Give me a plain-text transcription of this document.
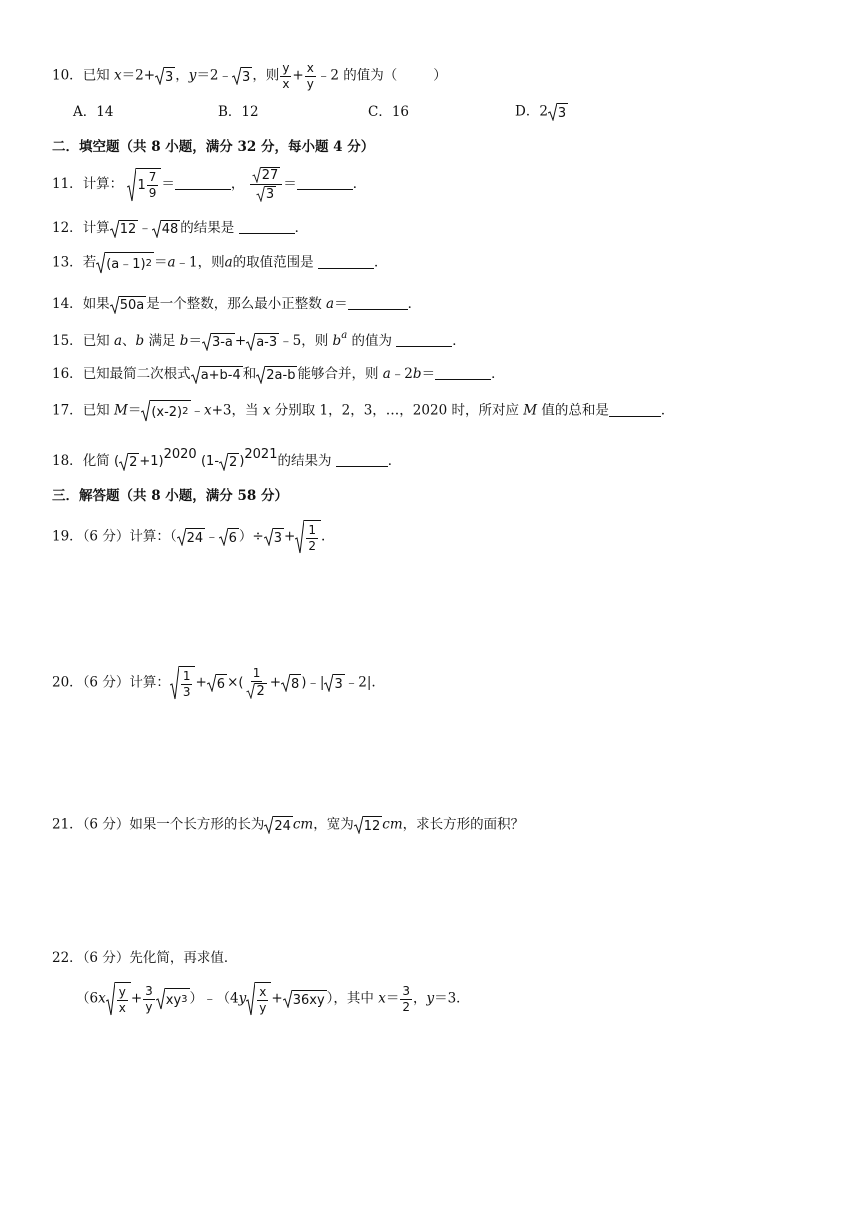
10．已知 x＝2+ 3 ，y＝2﹣ 3 ，则 $\frac{y}{x} + \frac{x}{y}$ ﹣2 的值为（	）
A．14	B．12	C．16	D．2 3
二．填空题（共 8 小题，满分 32 分，每小题 4 分）
11．计算： $1 \frac{7}{9}$ ＝	， $\frac{27}{3}$ ＝	．
12．计算 12 ﹣ 48 的结果是	．
13．若 (a﹣1) 2 ＝a﹣1，则a的取值范围是	．
14．如果 50a 是一个整数，那么最小正整数 a＝	．
15．已知 a、b 满足 b＝ 3-a + a-3 ﹣5，则 $b^a$ 的值为	．
16．已知最简二次根式 a+b-4 和 2a-b 能够合并，则 a﹣2b＝	．
17．已知 M＝ (x-2) 2 ﹣x+3，当 x 分别取 1，2，3，…，2020 时，所对应 M 值的总和是	．
18．化简 ( 2 +1)$^{2020}$ (1- 2 )$^{2021}$的结果为	．
三．解答题（共 8 小题，满分 58 分）
19．（6 分）计算：（ 24 ﹣ 6 ）÷ $3 + \frac{1}{2}$ .
20．（6 分）计算： $\frac{1}{3} + 6$ ×( $\frac{1}{2} + 8$ )﹣| 3 ﹣2|.
21．（6 分）如果一个长方形的长为 24 cm，宽为 12 cm，求长方形的面积？
22．（6 分）先化简，再求值．
（$6x \frac{y}{x} + \frac{3}{y}$ xy 3 ）﹣（4y $\frac{x}{y} + 36xy$ ），其中 $x= \frac{3}{2}$ ，y＝3．
